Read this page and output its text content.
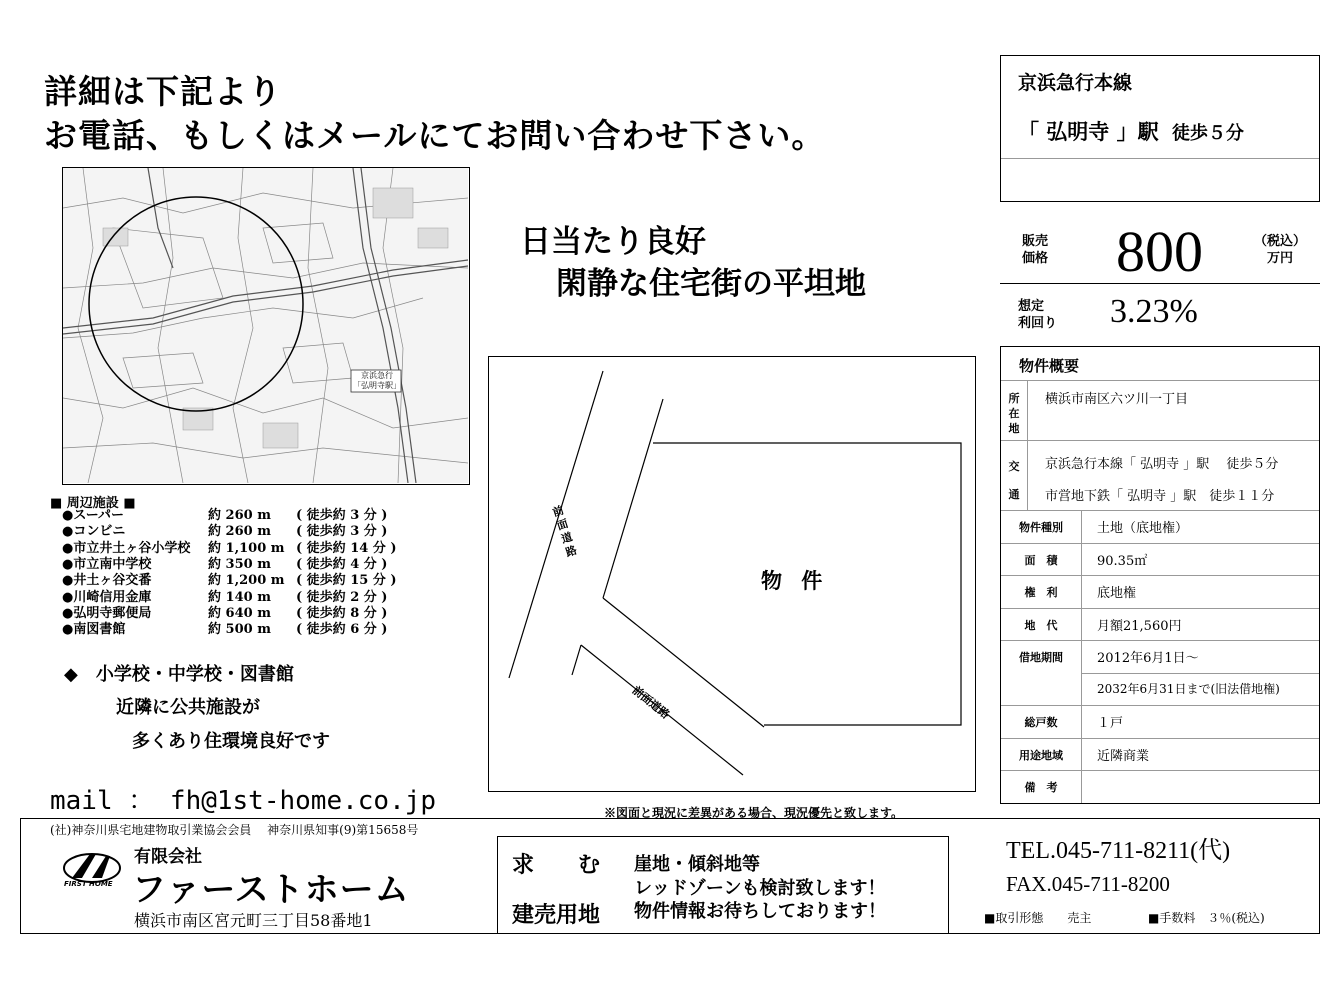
詳細は下記より
お電話、もしくはメールにてお問い合わせ下さい。
京浜急行
「弘明寺駅」
日当たり良好
閑静な住宅街の平坦地
■ 周辺施設 ■
●スーパー	約 260 m ( 徒歩約 3 分 )
●コンビニ	約 260 m ( 徒歩約 3 分 )
●市立井土ヶ谷小学校 約 1,100 m ( 徒歩約 14 分 )
●市立南中学校	約 350 m ( 徒歩約 4 分 )
●井土ヶ谷交番	約 1,200 m ( 徒歩約 15 分 )
●川崎信用金庫	約 140 m ( 徒歩約 2 分 )
●弘明寺郵便局	約 640 m ( 徒歩約 8 分 )
●南図書館	約 500 m ( 徒歩約 6 分 )
◆　小学校・中学校・図書館
近隣に公共施設が
多くあり住環境良好です
mail ： fh@1st-home.co.jp
前面道路
前面道路
物 件
※図面と現況に差異がある場合、現況優先と致します。
京浜急行本線
「 弘明寺 」駅 徒歩５分
販売
価格 800	（税込）
万円
想定
利回り 3.23%
物件概要
所
在
地
横浜市南区六ツ川一丁目
交
通
京浜急行本線「 弘明寺 」駅　 徒歩５分
市営地下鉄「 弘明寺 」駅　徒歩１１分
物件種別	土地（底地権）
面　積	90.35㎡
権　利	底地権
地　代	月額21,560円
借地期間	2012年6月1日～
2032年6月31日まで(旧法借地権)
総戸数	１戸
用途地域	近隣商業
備　考
(社)神奈川県宅地建物取引業協会会員　 神奈川県知事(9)第15658号
FIRST HOME
有限会社
ファーストホーム
横浜市南区宮元町三丁目58番地1
求　　む
建売用地
崖地・傾斜地等
レッドゾーンも検討致します！
物件情報お待ちしております！
TEL.045-711-8211(代)
FAX.045-711-8200
■取引形態　　売主	■手数料　３％(税込)
